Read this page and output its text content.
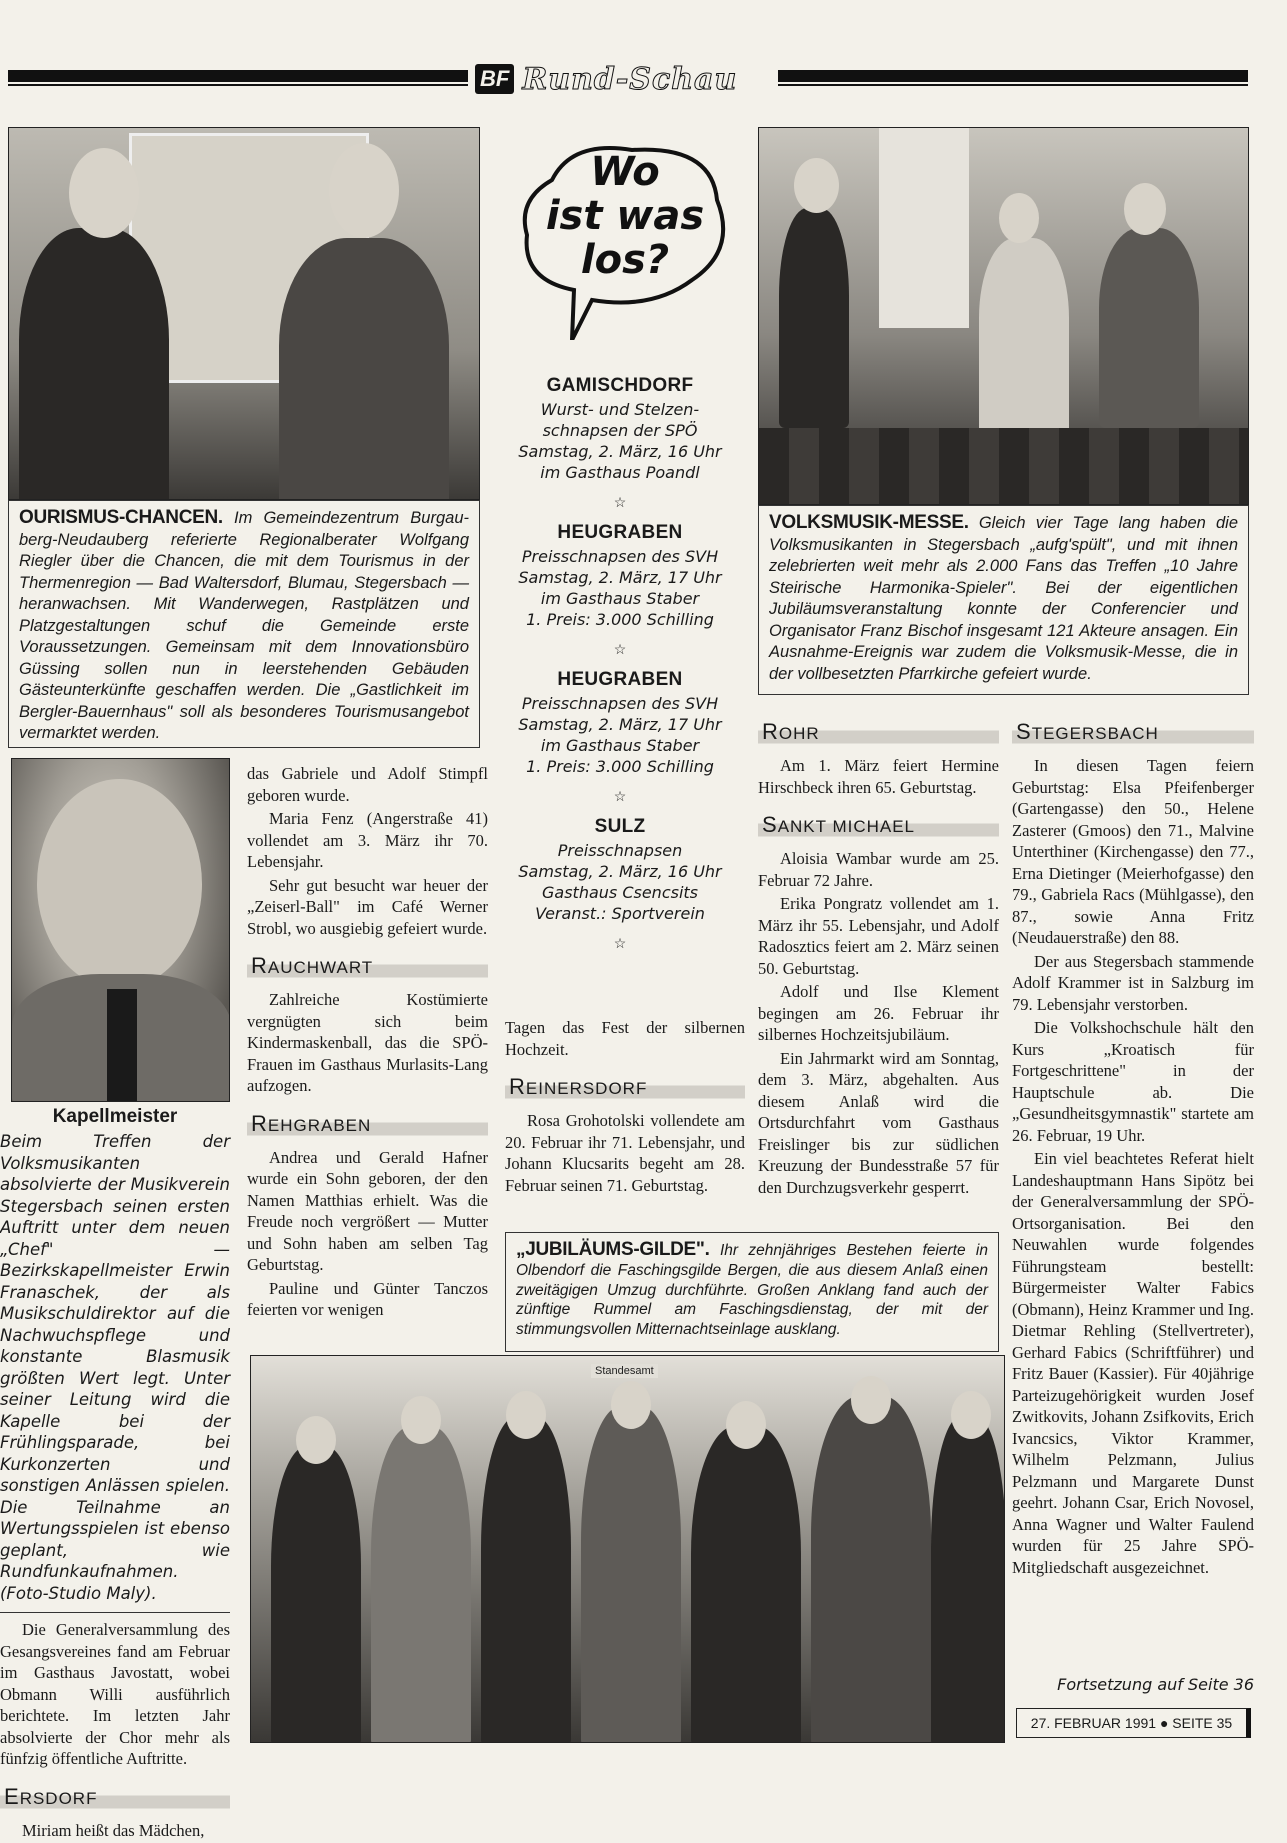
BF Rund-Schau
OURISMUS-CHANCEN. Im Gemeindezentrum Burgau-berg-Neudauberg referierte Regionalberater Wolfgang Riegler über die Chancen, die mit dem Tourismus in der Thermenregion — Bad Waltersdorf, Blumau, Stegersbach — heranwachsen. Mit Wanderwegen, Rastplätzen und Platzgestaltungen schuf die Gemeinde erste Voraussetzungen. Gemeinsam mit dem Innovationsbüro Güssing sollen nun in leerstehenden Gebäuden Gästeunterkünfte geschaffen werden. Die „Gastlichkeit im Bergler-Bauernhaus" soll als besonderes Tourismusangebot vermarktet werden.
Wo
ist was
los?
GAMISCHDORF
Wurst- und Stelzen-
schnapsen der SPÖ
Samstag, 2. März, 16 Uhr
im Gasthaus Poandl

☆

HEUGRABEN
Preisschnapsen des SVH
Samstag, 2. März, 17 Uhr
im Gasthaus Staber
1. Preis: 3.000 Schilling

☆

HEUGRABEN
Preisschnapsen des SVH
Samstag, 2. März, 17 Uhr
im Gasthaus Staber
1. Preis: 3.000 Schilling

☆

SULZ
Preisschnapsen
Samstag, 2. März, 16 Uhr
Gasthaus Csencsits
Veranst.: Sportverein

☆

VOLKSMUSIK-MESSE. Gleich vier Tage lang haben die Volksmusikanten in Stegersbach „aufg'spült", und mit ihnen zelebrierten weit mehr als 2.000 Fans das Treffen „10 Jahre Steirische Harmonika-Spieler". Bei der eigentlichen Jubiläumsveranstaltung konnte der Conferencier und Organisator Franz Bischof insgesamt 121 Akteure ansagen. Ein Ausnahme-Ereignis war zudem die Volksmusik-Messe, die in der vollbesetzten Pfarrkirche gefeiert wurde.
Kapellmeister
Beim Treffen der Volksmusikanten absolvierte der Musikverein Stegersbach seinen ersten Auftritt unter dem neuen „Chef" — Bezirkskapellmeister Erwin Franaschek, der als Musikschuldirektor auf die Nachwuchspflege und konstante Blasmusik größten Wert legt. Unter seiner Leitung wird die Kapelle bei der Frühlingsparade, bei Kurkonzerten und sonstigen Anlässen spielen. Die Teilnahme an Wertungsspielen ist ebenso geplant, wie Rundfunkaufnahmen. (Foto-Studio Maly).

Die Generalversammlung des Gesangsvereines fand am Februar im Gasthaus Javostatt, wobei Obmann Willi ausführlich berichtete. Im letzten Jahr absolvierte der Chor mehr als fünfzig öffentliche Auftritte.

ERSDORF

Miriam heißt das Mädchen,

das Gabriele und Adolf Stimpfl geboren wurde.

Maria Fenz (Angerstraße 41) vollendet am 3. März ihr 70. Lebensjahr.

Sehr gut besucht war heuer der „Zeiserl-Ball" im Café Werner Strobl, wo ausgiebig gefeiert wurde.

RAUCHWART

Zahlreiche Kostümierte vergnügten sich beim Kindermaskenball, das die SPÖ-Frauen im Gasthaus Murlasits-Lang aufzogen.

REHGRABEN

Andrea und Gerald Hafner wurde ein Sohn geboren, der den Namen Matthias erhielt. Was die Freude noch vergrößert — Mutter und Sohn haben am selben Tag Geburtstag.

Pauline und Günter Tanczos feierten vor wenigen

Tagen das Fest der silbernen Hochzeit.

REINERSDORF

Rosa Grohotolski vollendete am 20. Februar ihr 71. Lebensjahr, und Johann Klucsarits begeht am 28. Februar seinen 71. Geburtstag.

ROHR

Am 1. März feiert Hermine Hirschbeck ihren 65. Geburtstag.

SANKT MICHAEL

Aloisia Wambar wurde am 25. Februar 72 Jahre.

Erika Pongratz vollendet am 1. März ihr 55. Lebensjahr, und Adolf Radosztics feiert am 2. März seinen 50. Geburtstag.

Adolf und Ilse Klement begingen am 26. Februar ihr silbernes Hochzeitsjubiläum.

Ein Jahrmarkt wird am Sonntag, dem 3. März, abgehalten. Aus diesem Anlaß wird die Ortsdurchfahrt vom Gasthaus Freislinger bis zur südlichen Kreuzung der Bundesstraße 57 für den Durchzugsverkehr gesperrt.

STEGERSBACH

In diesen Tagen feiern Geburtstag: Elsa Pfeifenberger (Gartengasse) den 50., Helene Zasterer (Gmoos) den 71., Malvine Unterthiner (Kirchengasse) den 77., Erna Dietinger (Meierhofgasse) den 79., Gabriela Racs (Mühlgasse), den 87., sowie Anna Fritz (Neudauerstraße) den 88.

Der aus Stegersbach stammende Adolf Krammer ist in Salzburg im 79. Lebensjahr verstorben.

Die Volkshochschule hält den Kurs „Kroatisch für Fortgeschrittene" in der Hauptschule ab. Die „Gesundheitsgymnastik" startete am 26. Februar, 19 Uhr.

Ein viel beachtetes Referat hielt Landeshauptmann Hans Sipötz bei der Generalversammlung der SPÖ-Ortsorganisation. Bei den Neuwahlen wurde folgendes Führungsteam bestellt: Bürgermeister Walter Fabics (Obmann), Heinz Krammer und Ing. Dietmar Rehling (Stellvertreter), Gerhard Fabics (Schriftführer) und Fritz Bauer (Kassier). Für 40jährige Parteizugehörigkeit wurden Josef Zwitkovits, Johann Zsifkovits, Erich Ivancsics, Viktor Krammer, Wilhelm Pelzmann, Julius Pelzmann und Margarete Dunst geehrt. Johann Csar, Erich Novosel, Anna Wagner und Walter Faulend wurden für 25 Jahre SPÖ-Mitgliedschaft ausgezeichnet.

Fortsetzung auf Seite 36
„JUBILÄUMS-GILDE". Ihr zehnjähriges Bestehen feierte in Olbendorf die Faschingsgilde Bergen, die aus diesem Anlaß einen zweitägigen Umzug durchführte. Großen Anklang fand auch der zünftige Rummel am Faschingsdienstag, der mit der stimmungsvollen Mitternachtseinlage ausklang.
Standesamt
27. FEBRUAR 1991 ● SEITE 35
